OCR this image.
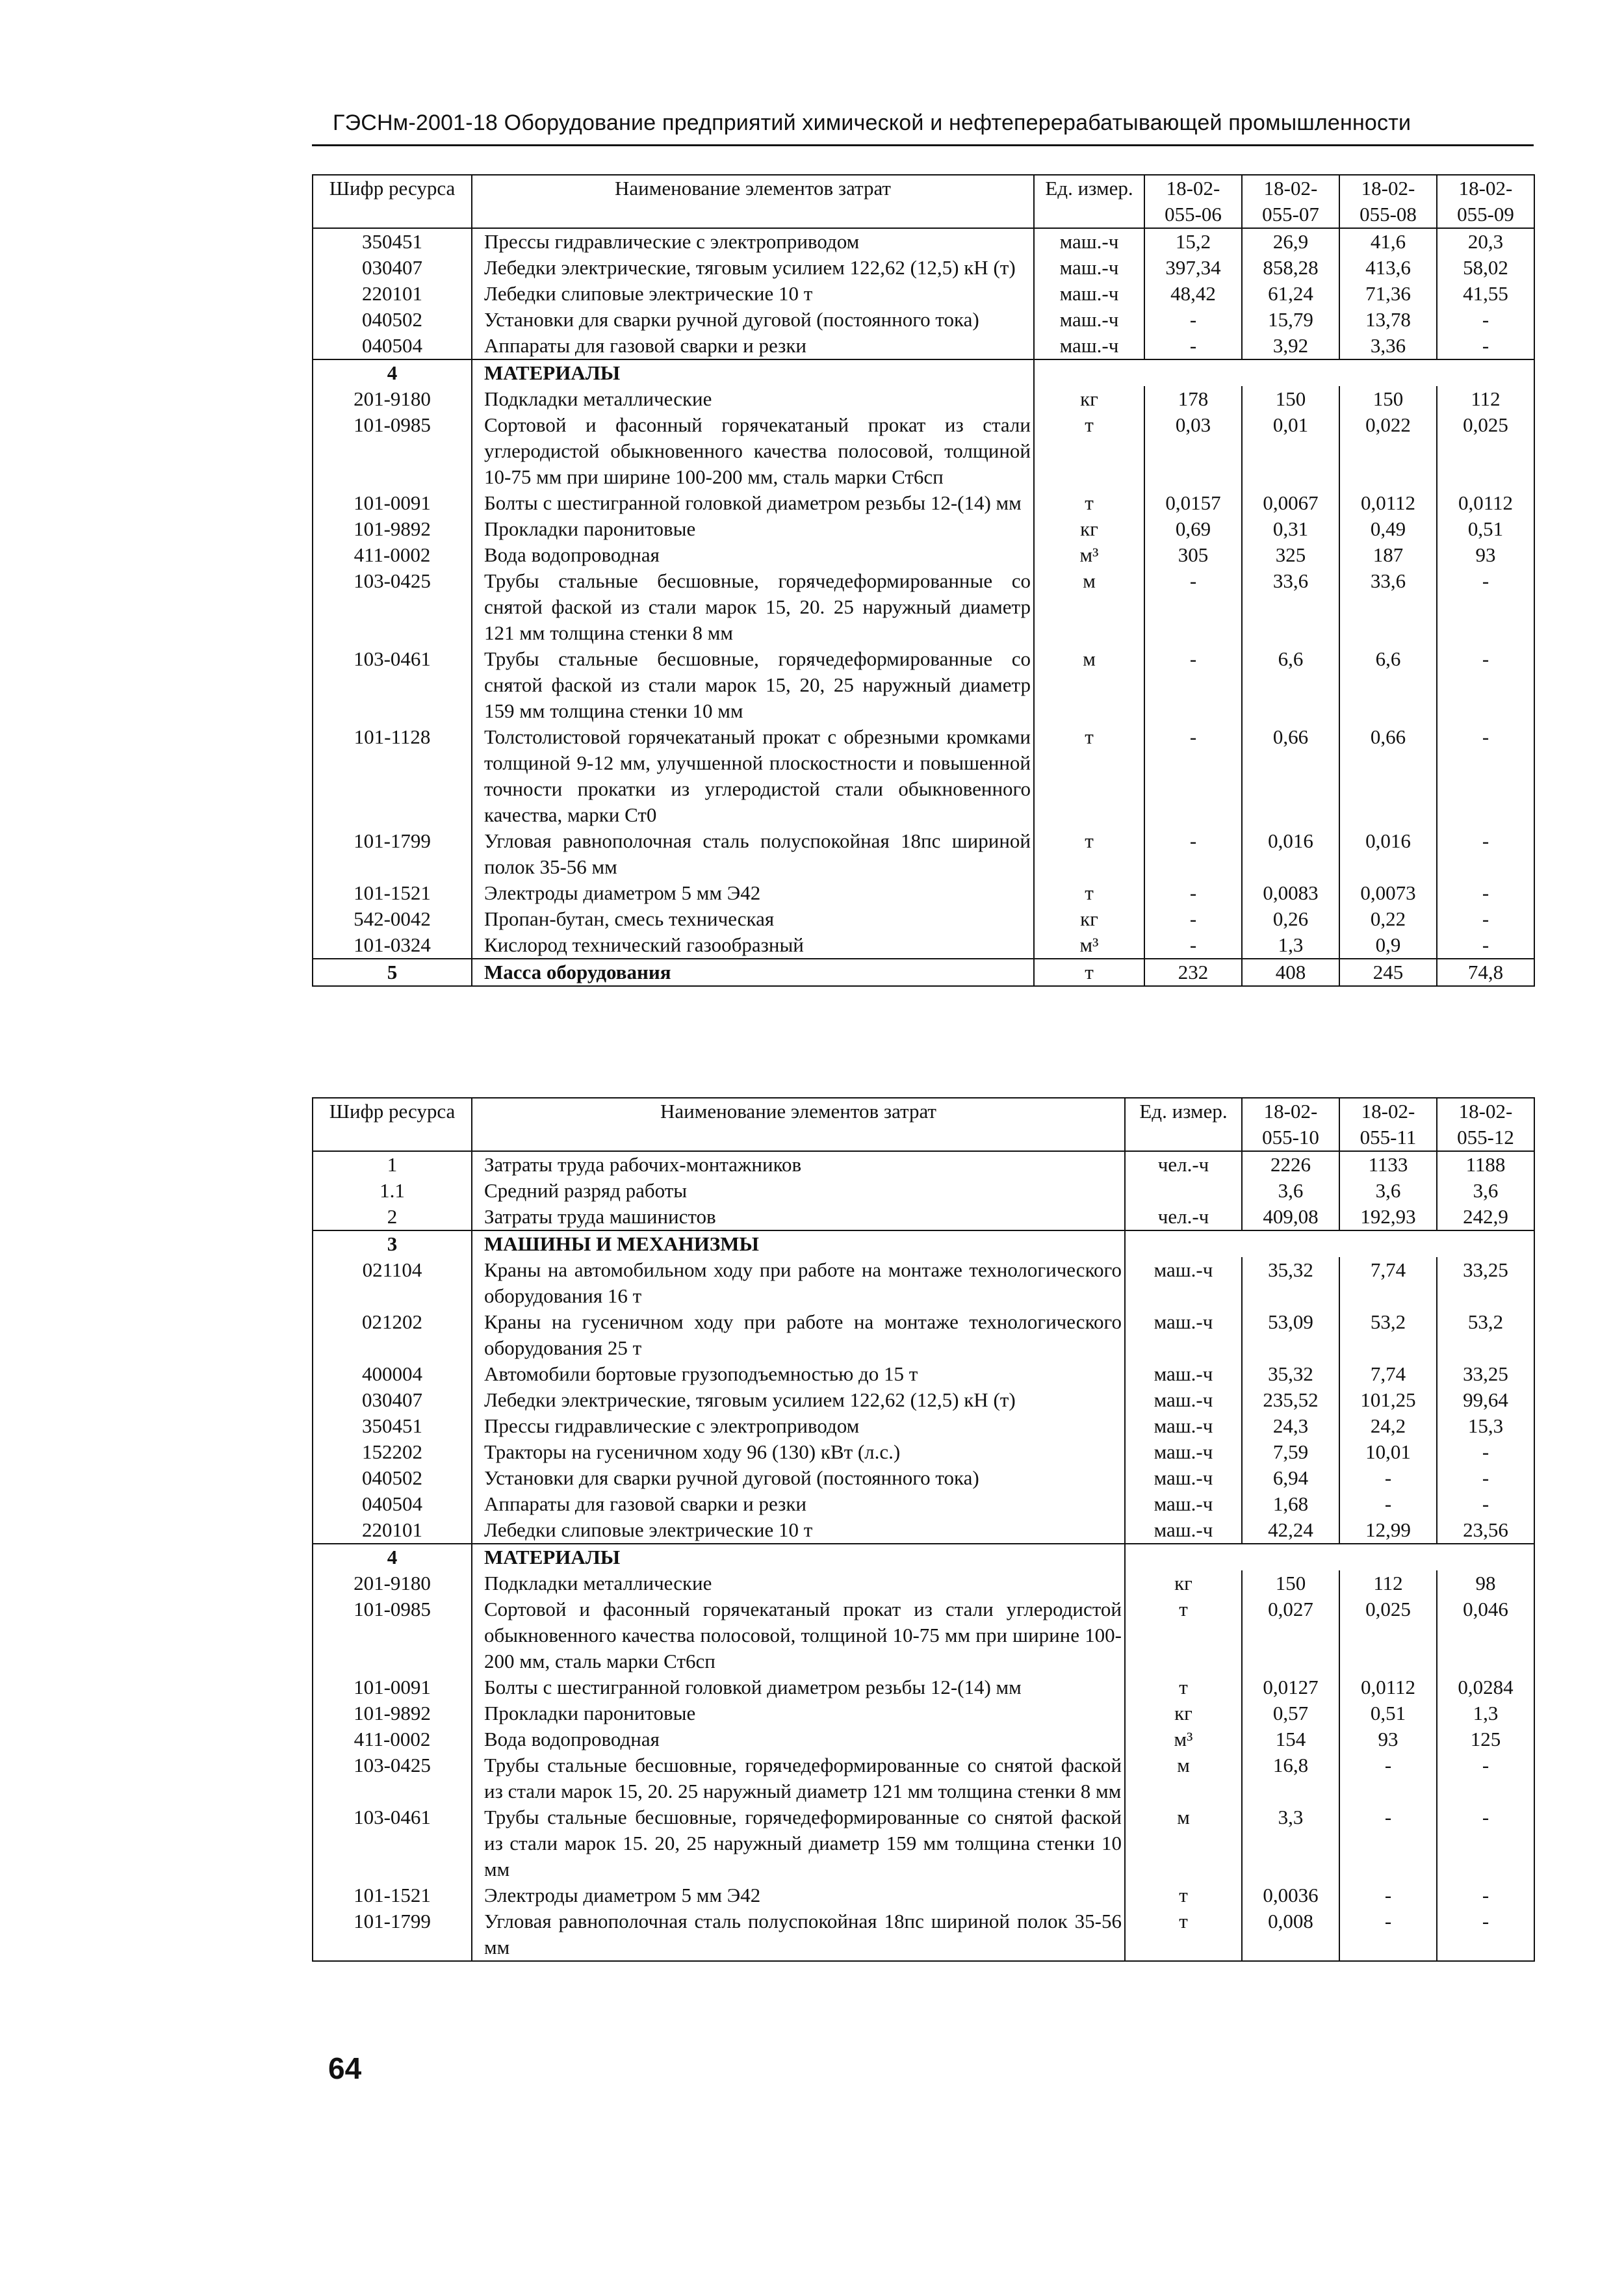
ГЭСНм-2001-18 Оборудование предприятий химической и нефтеперерабатывающей промышленности
Шифр ресурса	Наименование элементов затрат	Ед. измер.	18-02-055-06	18-02-055-07	18-02-055-08	18-02-055-09
350451	Прессы гидравлические с электроприводом	маш.-ч	15,2	26,9	41,6	20,3
030407	Лебедки электрические, тяговым усилием 122,62 (12,5) кН (т)	маш.-ч	397,34	858,28	413,6	58,02
220101	Лебедки слиповые электрические 10 т	маш.-ч	48,42	61,24	71,36	41,55
040502	Установки для сварки ручной дуговой (постоянного тока)	маш.-ч	-	15,79	13,78	-
040504	Аппараты для газовой сварки и резки	маш.-ч	-	3,92	3,36	-
4	МАТЕРИАЛЫ					
201-9180	Подкладки металлические	кг	178	150	150	112
101-0985	Сортовой и фасонный горячекатаный прокат из стали углеродистой обыкновенного качества полосовой, толщиной 10-75 мм при ширине 100-200 мм, сталь марки Ст6сп	т	0,03	0,01	0,022	0,025
101-0091	Болты с шестигранной головкой диаметром резьбы 12-(14) мм	т	0,0157	0,0067	0,0112	0,0112
101-9892	Прокладки паронитовые	кг	0,69	0,31	0,49	0,51
411-0002	Вода водопроводная	м³	305	325	187	93
103-0425	Трубы стальные бесшовные, горячедеформированные со снятой фаской из стали марок 15, 20. 25 наружный диаметр 121 мм толщина стенки 8 мм	м	-	33,6	33,6	-
103-0461	Трубы стальные бесшовные, горячедеформированные со снятой фаской из стали марок 15, 20, 25 наружный диаметр 159 мм толщина стенки 10 мм	м	-	6,6	6,6	-
101-1128	Толстолистовой горячекатаный прокат с обрезными кромками толщиной 9-12 мм, улучшенной плоскостности и повышенной точности прокатки из углеродистой стали обыкновенного качества, марки Ст0	т	-	0,66	0,66	-
101-1799	Угловая равнополочная сталь полуспокойная 18пс шириной полок 35-56 мм	т	-	0,016	0,016	-
101-1521	Электроды диаметром 5 мм Э42	т	-	0,0083	0,0073	-
542-0042	Пропан-бутан, смесь техническая	кг	-	0,26	0,22	-
101-0324	Кислород технический газообразный	м³	-	1,3	0,9	-
5	Масса оборудования	т	232	408	245	74,8
Шифр ресурса	Наименование элементов затрат	Ед. измер.	18-02-055-10	18-02-055-11	18-02-055-12
1	Затраты труда рабочих-монтажников	чел.-ч	2226	1133	1188
1.1	Средний разряд работы		3,6	3,6	3,6
2	Затраты труда машинистов	чел.-ч	409,08	192,93	242,9
3	МАШИНЫ И МЕХАНИЗМЫ				
021104	Краны на автомобильном ходу при работе на монтаже технологического оборудования 16 т	маш.-ч	35,32	7,74	33,25
021202	Краны на гусеничном ходу при работе на монтаже технологического оборудования 25 т	маш.-ч	53,09	53,2	53,2
400004	Автомобили бортовые грузоподъемностью до 15 т	маш.-ч	35,32	7,74	33,25
030407	Лебедки электрические, тяговым усилием 122,62 (12,5) кН (т)	маш.-ч	235,52	101,25	99,64
350451	Прессы гидравлические с электроприводом	маш.-ч	24,3	24,2	15,3
152202	Тракторы на гусеничном ходу 96 (130) кВт (л.с.)	маш.-ч	7,59	10,01	-
040502	Установки для сварки ручной дуговой (постоянного тока)	маш.-ч	6,94	-	-
040504	Аппараты для газовой сварки и резки	маш.-ч	1,68	-	-
220101	Лебедки слиповые электрические 10 т	маш.-ч	42,24	12,99	23,56
4	МАТЕРИАЛЫ				
201-9180	Подкладки металлические	кг	150	112	98
101-0985	Сортовой и фасонный горячекатаный прокат из стали углеродистой обыкновенного качества полосовой, толщиной 10-75 мм при ширине 100-200 мм, сталь марки Ст6сп	т	0,027	0,025	0,046
101-0091	Болты с шестигранной головкой диаметром резьбы 12-(14) мм	т	0,0127	0,0112	0,0284
101-9892	Прокладки паронитовые	кг	0,57	0,51	1,3
411-0002	Вода водопроводная	м³	154	93	125
103-0425	Трубы стальные бесшовные, горячедеформированные со снятой фаской из стали марок 15, 20. 25 наружный диаметр 121 мм толщина стенки 8 мм	м	16,8	-	-
103-0461	Трубы стальные бесшовные, горячедеформированные со снятой фаской из стали марок 15. 20, 25 наружный диаметр 159 мм толщина стенки 10 мм	м	3,3	-	-
101-1521	Электроды диаметром 5 мм Э42	т	0,0036	-	-
101-1799	Угловая равнополочная сталь полуспокойная 18пс шириной полок 35-56 мм	т	0,008	-	-
64
